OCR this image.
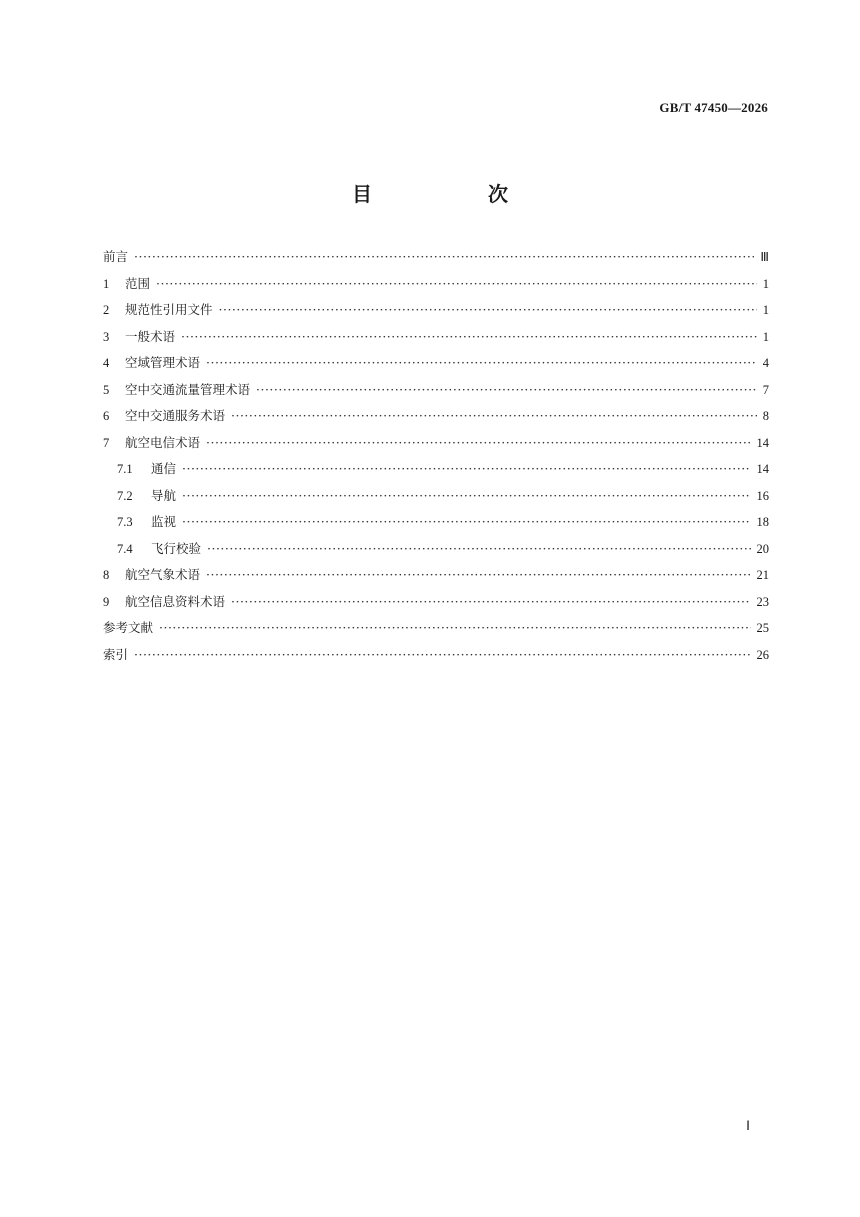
GB/T 47450—2026
目　次
前言 ·····	Ⅲ
1	范围 ·····	1
2	规范性引用文件 ·····	1
3	一般术语 ·····	1
4	空域管理术语 ·····	4
5	空中交通流量管理术语 ·····	7
6	空中交通服务术语 ·····	8
7	航空电信术语 ·····	14
7.1	通信 ·····	14
7.2	导航 ·····	16
7.3	监视 ·····	18
7.4	飞行校验 ·····	20
8	航空气象术语 ·····	21
9	航空信息资料术语 ·····	23
参考文献 ·····	25
索引 ·····	26
Ⅰ
